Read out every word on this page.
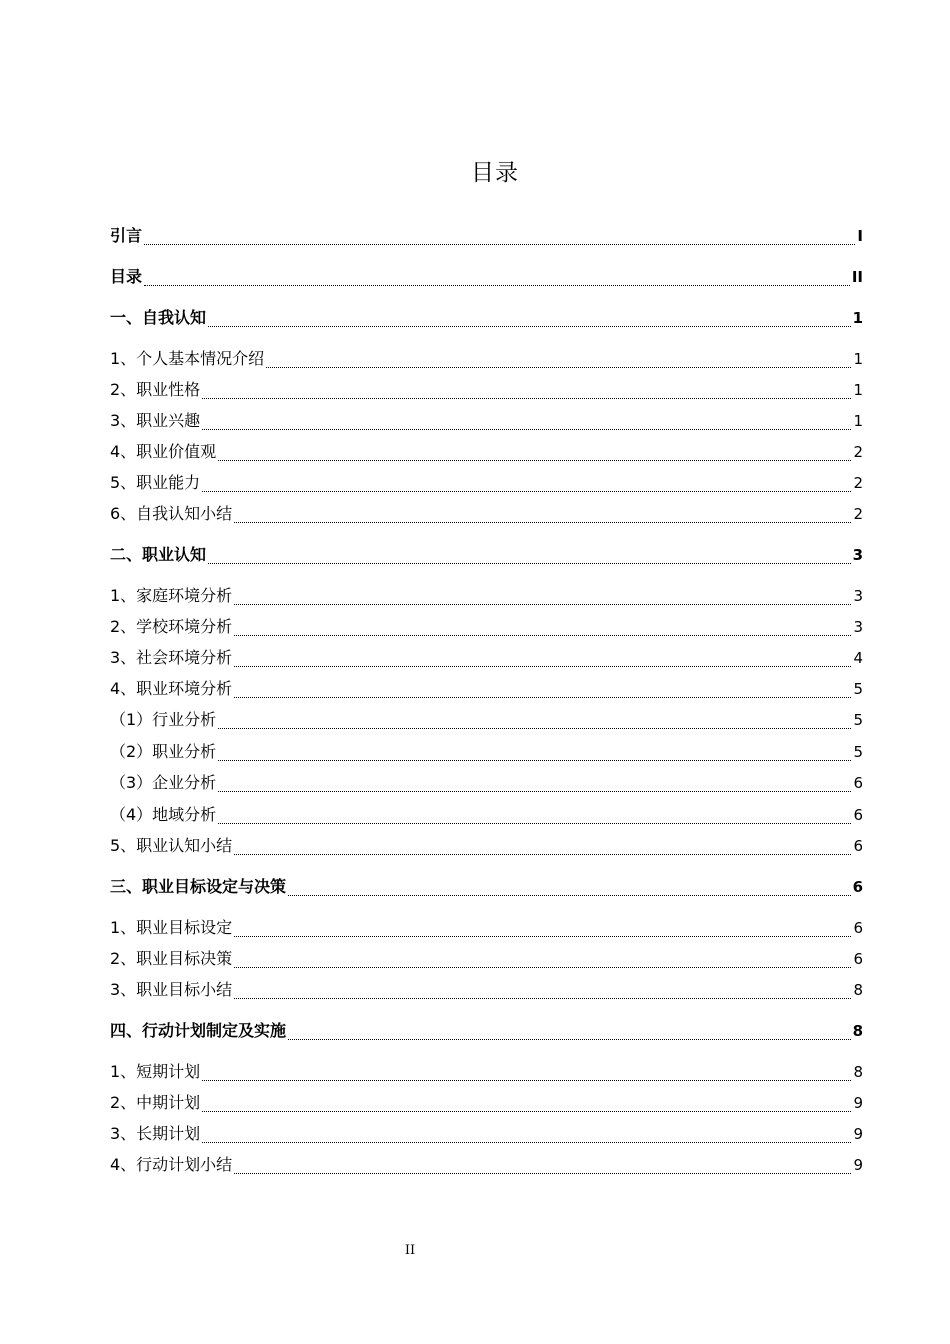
目录
引言	I
目录	II
一、自我认知	1
1、个人基本情况介绍	1
2、职业性格	1
3、职业兴趣	1
4、职业价值观	2
5、职业能力	2
6、自我认知小结	2
二、职业认知	3
1、家庭环境分析	3
2、学校环境分析	3
3、社会环境分析	4
4、职业环境分析	5
（1）行业分析	5
（2）职业分析	5
（3）企业分析	6
（4）地域分析	6
5、职业认知小结	6
三、职业目标设定与决策	6
1、职业目标设定	6
2、职业目标决策	6
3、职业目标小结	8
四、行动计划制定及实施	8
1、短期计划	8
2、中期计划	9
3、长期计划	9
4、行动计划小结	9
II
